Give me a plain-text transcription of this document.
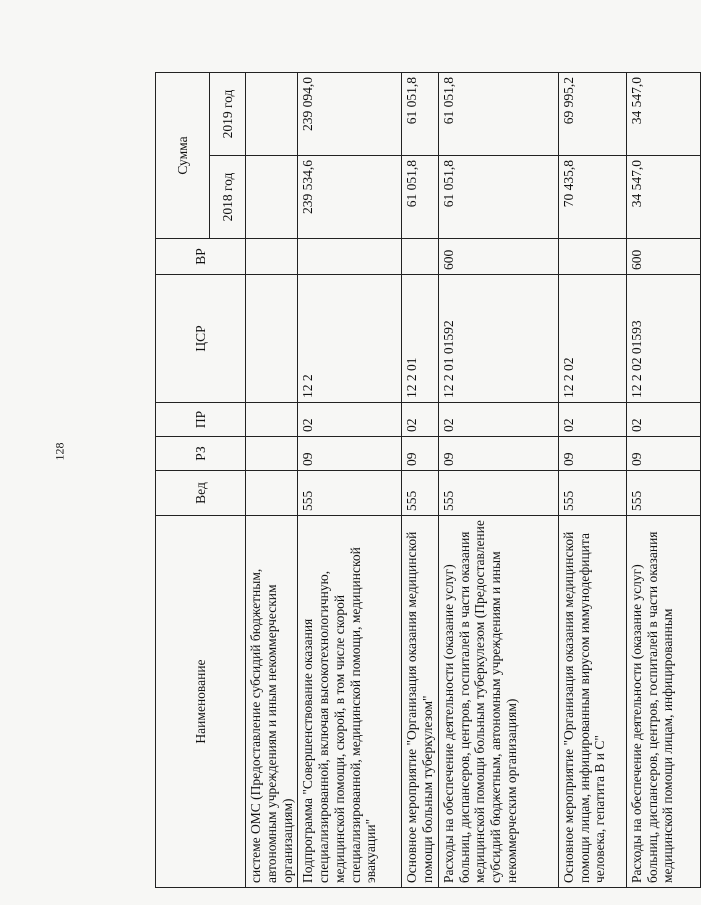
128
Наименование	Вед	РЗ	ПР	ЦСР	ВР	Сумма	
						2018 год	2019 год
системе ОМС (Предоставление субсидий бюджетным, автономным учреждениям и иным некоммерческим организациям)							
Подпрограмма "Совершенствование оказания специализированной, включая высокотехнологичную, медицинской помощи, скорой, в том числе скорой специализированной, медицинской помощи, медицинской эвакуации"	555	09	02	12 2		239 534,6	239 094,0
Основное мероприятие "Организация оказания медицинской помощи больным туберкулезом"	555	09	02	12 2 01		61 051,8	61 051,8
Расходы на обеспечение деятельности (оказание услуг) больниц, диспансеров, центров, госпиталей в части оказания медицинской помощи больным туберкулезом (Предоставление субсидий бюджетным, автономным учреждениям и иным некоммерческим организациям)	555	09	02	12 2 01 01592	600	61 051,8	61 051,8
Основное мероприятие "Организация оказания медицинской помощи лицам, инфицированным вирусом иммунодефицита человека, гепатита В и С"	555	09	02	12 2 02		70 435,8	69 995,2
Расходы на обеспечение деятельности (оказание услуг) больниц, диспансеров, центров, госпиталей в части оказания медицинской помощи лицам, инфицированным	555	09	02	12 2 02 01593	600	34 547,0	34 547,0
